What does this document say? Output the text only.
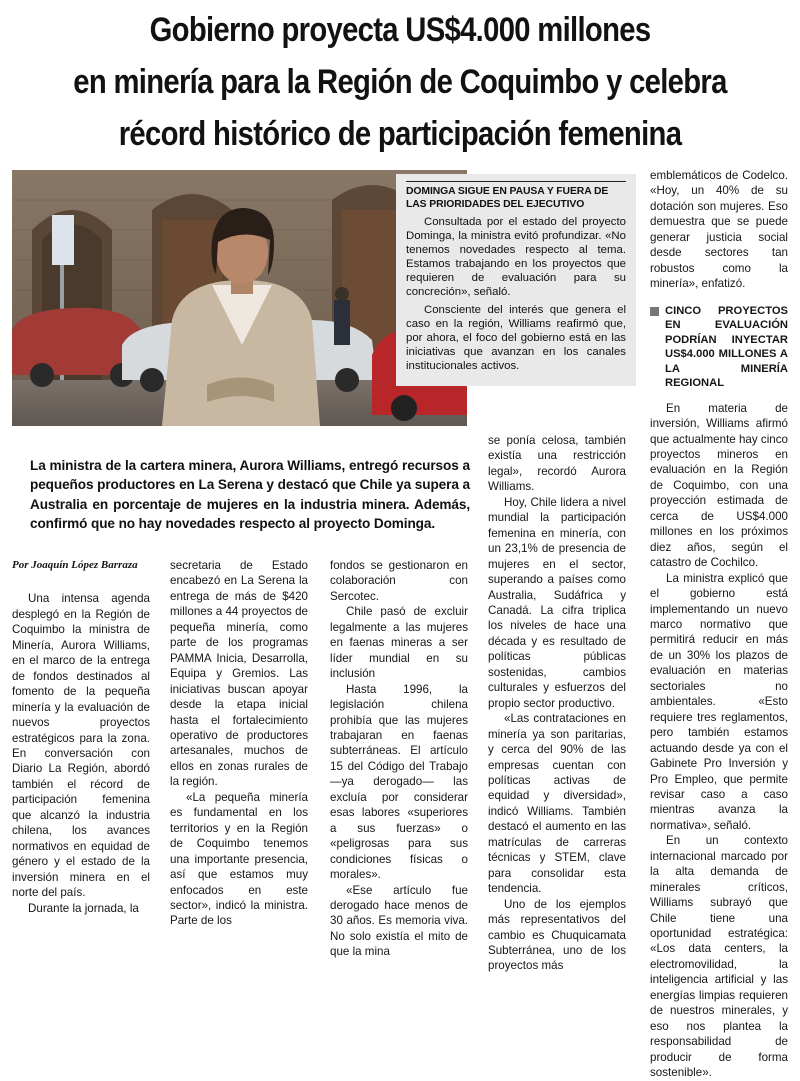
Gobierno proyecta US$4.000 millones
en minería para la Región de Coquimbo y celebra
récord histórico de participación femenina
DOMINGA SIGUE EN PAUSA Y FUERA DE LAS PRIORIDADES DEL EJECUTIVO

Consultada por el estado del proyecto Dominga, la ministra evitó profundizar. «No tenemos novedades respecto al tema. Estamos trabajando en los proyectos que requieren de evaluación para su concreción», señaló.

Consciente del interés que genera el caso en la región, Williams reafirmó que, por ahora, el foco del gobierno está en las iniciativas que avanzan en los canales institucionales activos.

La ministra de la cartera minera, Aurora Williams, entregó recursos a pequeños productores en La Serena y destacó que Chile ya supera a Australia en porcentaje de mujeres en la industria minera. Además, confirmó que no hay novedades respecto al proyecto Dominga.
Por Joaquín López Barraza

Una intensa agenda desplegó en la Región de Coquimbo la ministra de Minería, Aurora Williams, en el marco de la entrega de fondos destinados al fomento de la pequeña minería y la evaluación de nuevos proyectos estratégicos para la zona. En conversación con Diario La Región, abordó también el récord de participación femenina que alcanzó la industria chilena, los avances normativos en equidad de género y el estado de la inversión minera en el norte del país.

Durante la jornada, la

secretaria de Estado encabezó en La Serena la entrega de más de $420 millones a 44 proyectos de pequeña minería, como parte de los programas PAMMA Inicia, Desarrolla, Equipa y Gremios. Las iniciativas buscan apoyar desde la etapa inicial hasta el fortalecimiento operativo de productores artesanales, muchos de ellos en zonas rurales de la región.

«La pequeña minería es fundamental en los territorios y en la Región de Coquimbo tenemos una importante presencia, así que estamos muy enfocados en este sector», indicó la ministra. Parte de los

fondos se gestionaron en colaboración con Sercotec.

Chile pasó de excluir legalmente a las mujeres en faenas mineras a ser líder mundial en su inclusión

Hasta 1996, la legislación chilena prohibía que las mujeres trabajaran en faenas subterráneas. El artículo 15 del Código del Trabajo —ya derogado— las excluía por considerar esas labores «superiores a sus fuerzas» o «peligrosas para sus condiciones físicas o morales».

«Ese artículo fue derogado hace menos de 30 años. Es memoria viva. No solo existía el mito de que la mina

se ponía celosa, también existía una restricción legal», recordó Aurora Williams.

Hoy, Chile lidera a nivel mundial la participación femenina en minería, con un 23,1% de presencia de mujeres en el sector, superando a países como Australia, Sudáfrica y Canadá. La cifra triplica los niveles de hace una década y es resultado de políticas públicas sostenidas, cambios culturales y esfuerzos del propio sector productivo.

«Las contrataciones en minería ya son paritarias, y cerca del 90% de las empresas cuentan con políticas activas de equidad y diversidad», indicó Williams. También destacó el aumento en las matrículas de carreras técnicas y STEM, clave para consolidar esta tendencia.

Uno de los ejemplos más representativos del cambio es Chuquicamata Subterránea, uno de los proyectos más

emblemáticos de Codelco. «Hoy, un 40% de su dotación son mujeres. Eso demuestra que se puede generar justicia social desde sectores tan robustos como la minería», enfatizó.

CINCO PROYECTOS EN EVALUACIÓN PODRÍAN INYECTAR US$4.000 MILLONES A LA MINERÍA REGIONAL

En materia de inversión, Williams afirmó que actualmente hay cinco proyectos mineros en evaluación en la Región de Coquimbo, con una proyección estimada de cerca de US$4.000 millones en los próximos diez años, según el catastro de Cochilco.

La ministra explicó que el gobierno está implementando un nuevo marco normativo que permitirá reducir en más de un 30% los plazos de evaluación en materias sectoriales no ambientales. «Esto requiere tres reglamentos, pero también estamos actuando desde ya con el Gabinete Pro Inversión y Pro Empleo, que permite revisar caso a caso mientras avanza la normativa», señaló.

En un contexto internacional marcado por la alta demanda de minerales críticos, Williams subrayó que Chile tiene una oportunidad estratégica: «Los data centers, la electromovilidad, la inteligencia artificial y las energías limpias requieren de nuestros minerales, y eso nos plantea la responsabilidad de producir de forma sostenible».
